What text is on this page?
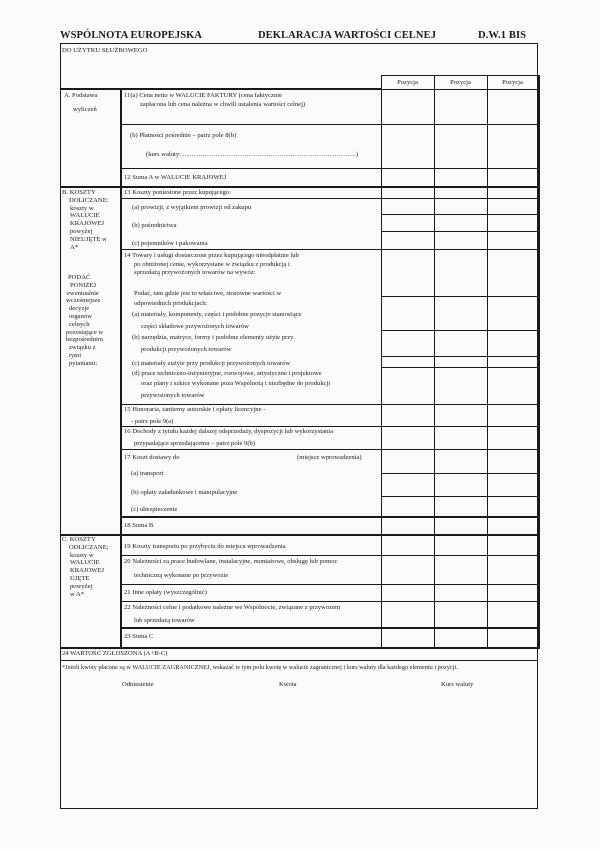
WSPÓLNOTA EUROPEJSKA	DEKLARACJA WARTOŚCI CELNEJ	D.W.1 BIS
DO UŻYTKU SŁUŻBOWEGO
Pozycja	Pozycja	Pozycja
A. Podstawa
wyliczeń
11(a) Cena netto w WALUCIE FAKTURY (cena faktycznie
zapłacona lub cena należna w chwili ustalenia wartości celnej)
(b) Płatności pośrednie – patrz pole 8(b)
(kurs waluty: …………………………………………………………………….)
12 Suma A w WALUCIE KRAJOWEJ
B. KOSZTY
DOLICZANE:
koszty w
WALUCIE
KRAJOWEJ
powyżej
NIEUJĘTE w
A*
PODAĆ
PONIŻEJ
ewentualnie
wcześniejsze
decyzje
organów
celnych
pozostające w
bezpośrednim
związku z
tymi
pytaniami:
13 Koszty poniesione przez kupującego:
(a) prowizji, z wyjątkiem prowizji od zakupu
(b) pośrednictwa
(c) pojemników i pakowania
14 Towary i usługi dostarczone przez kupującego nieodpłatnie lub
po obniżonej cenie, wykorzystane w związku z produkcją i
sprzedażą przywożonych towarów na wywóz:
Podać, tam gdzie jest to właściwe, stosowne wartości w
odpowiednich produkcjach:
(a) materiały, komponenty, części i podobne pozycje stanowiące
części składowe przywożonych towarów
(b) narzędzia, matryce, formy i podobne elementy użyte przy
produkcji przywożonych towarów
(c) materiały zużyte przy produkcji przywożonych towarów
(d) prace techniczno-inżynieryjne, rozwojowe, artystyczne i projektowe
oraz plany i szkice wykonane poza Wspólnotą i niezbędne do produkcji
przywożonych towarów
15 Honoraria, tantiemy autorskie i opłaty licencyjne -
- patrz pole 9(a)
16 Dochody z tytułu każdej dalszej odsprzedaży, dyspozycji lub wykorzystania
przypadające sprzedającemu – patrz pole 9(b)
17 Koszt dostawy do	(miejsce wprowadzenia)
(a) transport
(b) opłaty załadunkowe i manipulacyjne
(c) ubezpieczenie
18 Suma B
C. KOSZTY
ODLICZANE:
koszty w
WALUCIE
KRAJOWEJ
UJĘTE
powyżej
w A*
19 Koszty transportu po przybyciu do miejsca wprowadzenia
20 Należności za prace budowlane, instalacyjne, montażowe, obsługę lub pomoc
techniczną wykonane po przywozie
21 Inne opłaty (wyszczególnić)
22 Należności celne i podatkowe należne we Wspólnocie, związane z przywozem
lub sprzedażą towarów
23 Suma C
24 WARTOŚĆ ZGŁOSZONA (A+B-C)
*Jeżeli kwoty płacone są w WALUCIE ZAGRANICZNEJ, wskazać w tym polu kwotę w walucie zagranicznej i kurs waluty dla każdego elementu i pozycji.
Odniesienie	Kwota	Kurs waluty
